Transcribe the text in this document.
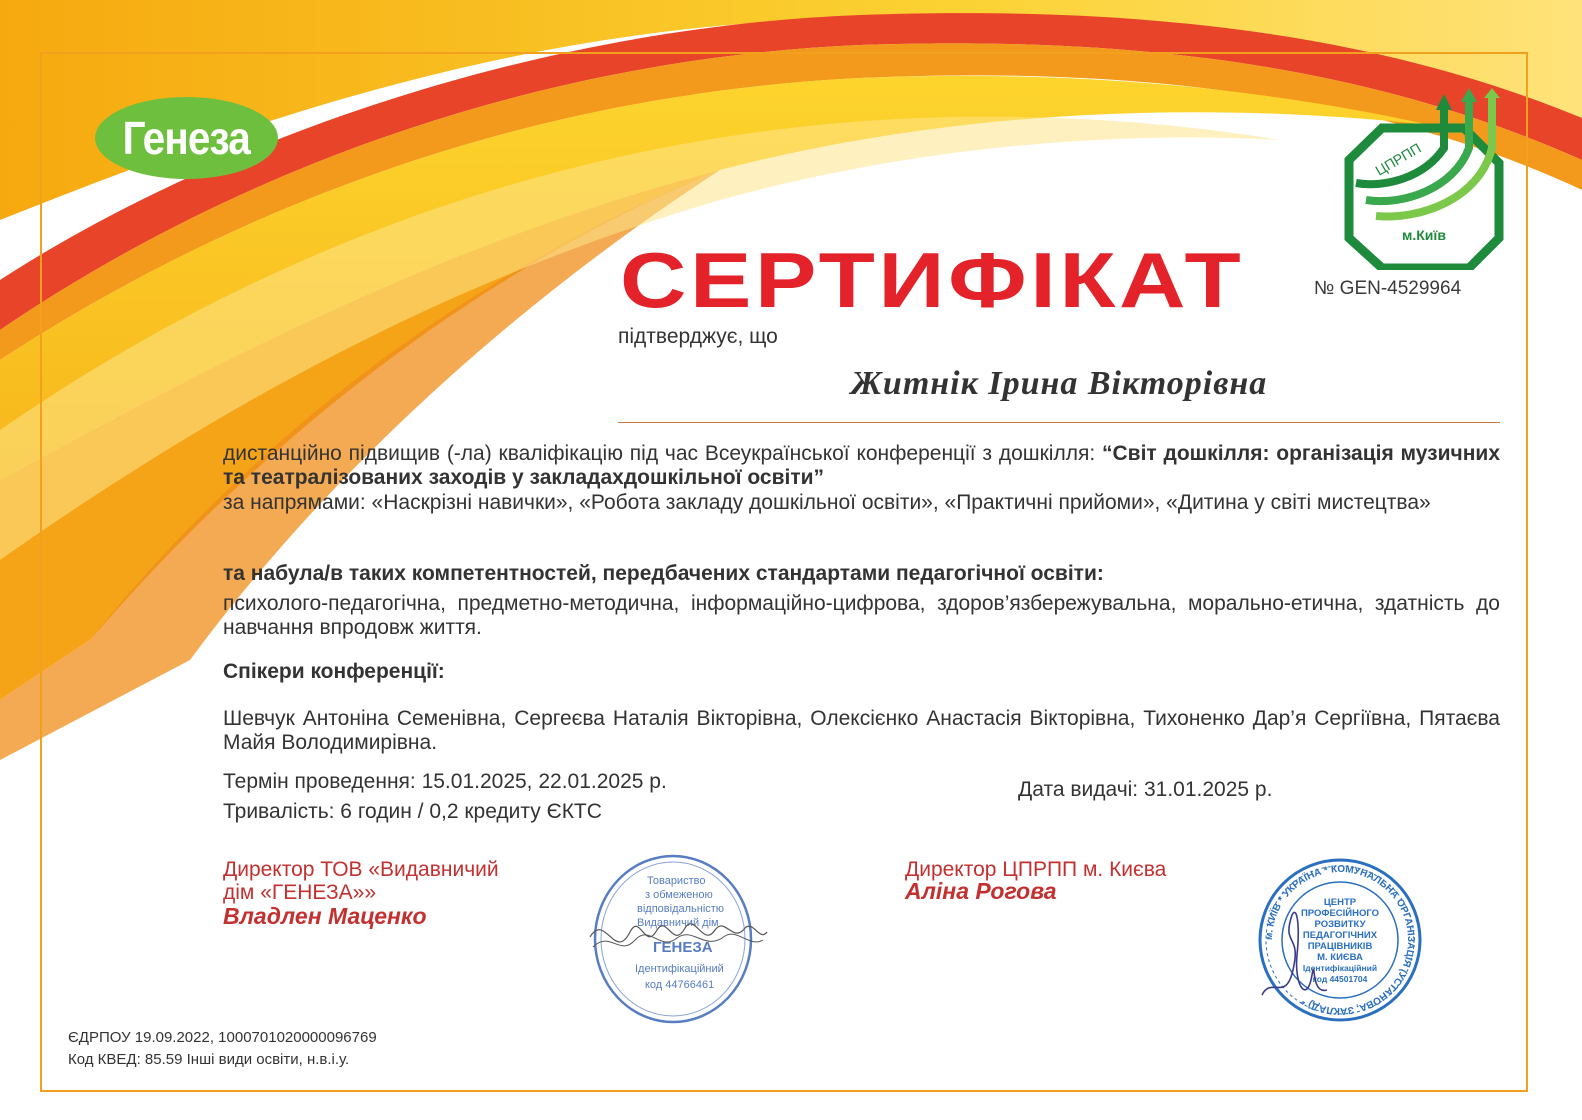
Генеза	ЦПРПП
м.Київ
СЕРТИФІКАТ	№ GEN-4529964
підтверджує, що
Житнік Ірина Вікторівна
дистанційно підвищив (-ла) кваліфікацію під час Всеукраїнської конференції з дошкілля: “Світ дошкілля: організація музичних та театралізованих заходів у закладахдошкільної освіти”
за напрямами: «Наскрізні навички», «Робота закладу дошкільної освіти», «Практичні прийоми», «Дитина у світі мистецтва»
та набула/в таких компетентностей, передбачених стандартами педагогічної освіти:
психолого-педагогічна, предметно-методична, інформаційно-цифрова, здоров’язбережувальна, морально-етична, здатність до навчання впродовж життя.
Спікери конференції:
Шевчук Антоніна Семенівна, Сергеєва Наталія Вікторівна, Олексієнко Анастасія Вікторівна, Тихоненко Дар’я Сергіївна, Пятаєва Майя Володимирівна.
Термін проведення: 15.01.2025, 22.01.2025 р.
Тривалість: 6 годин / 0,2 кредиту ЄКТС
Дата видачі: 31.01.2025 р.
Директор ТОВ «Видавничий
дім «ГЕНЕЗА»»
Владлен Маценко
Директор ЦПРПП м. Києва
Аліна Рогова
Товариство
з обмеженою
відповідальністю
Видавничий дім
ГЕНЕЗА
Ідентифікаційний
код 44766461
м. КИЇВ * УКРАЇНА * КОМУНАЛЬНА ОРГАНІЗАЦІЯ (УСТАНОВА, ЗАКЛАД) *
ЦЕНТР
ПРОФЕСІЙНОГО
РОЗВИТКУ
ПЕДАГОГІЧНИХ
ПРАЦІВНИКІВ
М. КИЄВА
Ідентифікаційний
код 44501704
ЄДРПОУ 19.09.2022, 1000701020000096769
Код КВЕД: 85.59 Інші види освіти, н.в.і.у.
